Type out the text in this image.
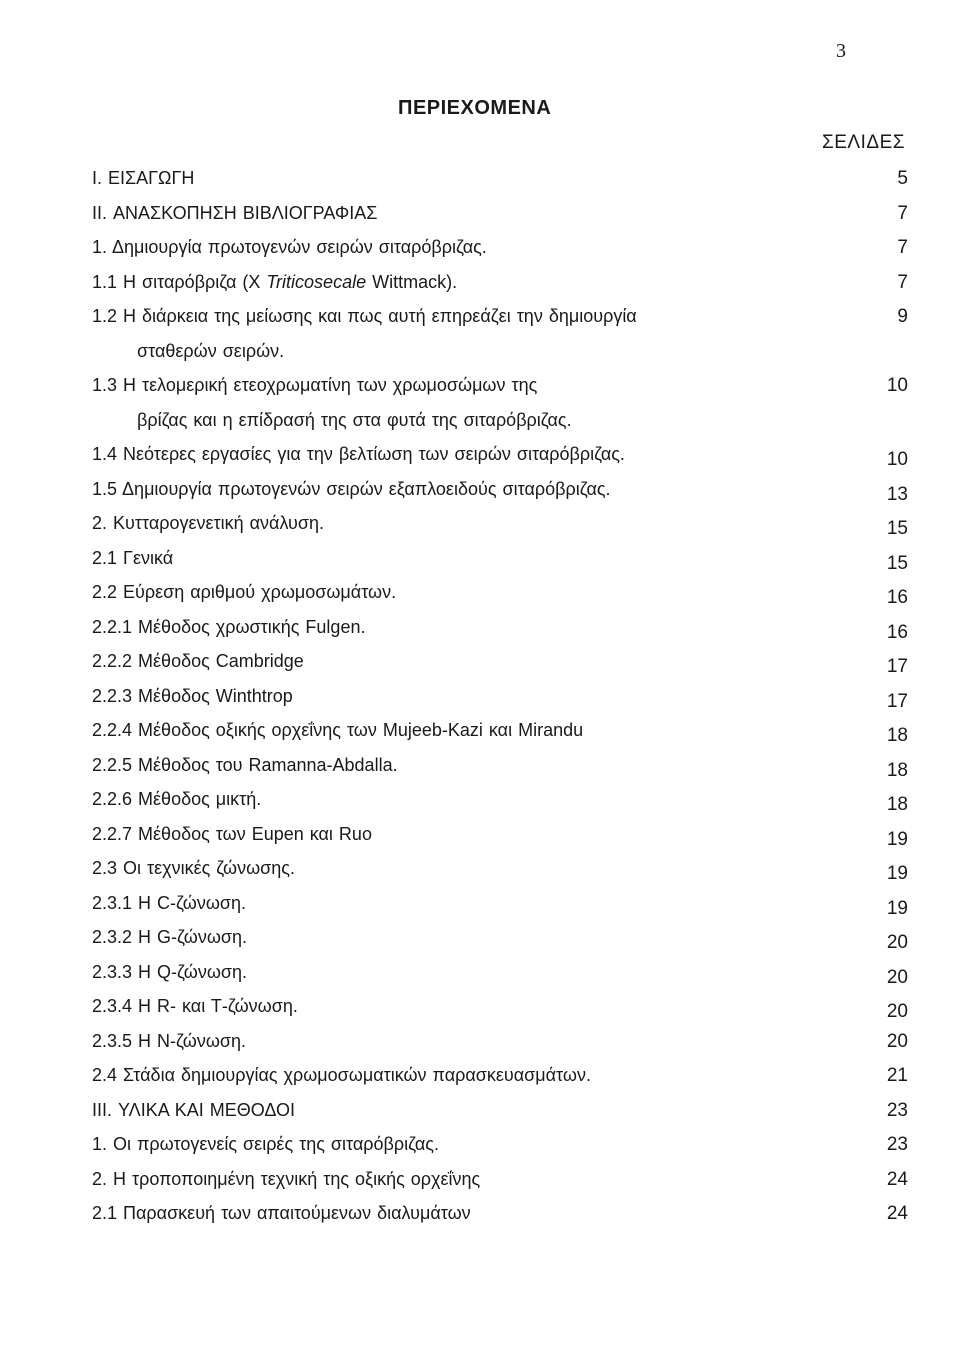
3
ΠΕΡΙΕΧΟΜΕΝΑ
ΣΕΛΙΔΕΣ
I. ΕΙΣΑΓΩΓΗ	5
II. ΑΝΑΣΚΟΠΗΣΗ ΒΙΒΛΙΟΓΡΑΦΙΑΣ	7
1. Δημιουργία πρωτογενών σειρών σιταρόβριζας.	7
1.1 Η σιταρόβριζα (X Triticosecale Wittmack).	7
1.2 Η διάρκεια της μείωσης και πως αυτή επηρεάζει την δημιουργία	9
σταθερών σειρών.
1.3 Η τελομερική ετεοχρωματίνη των χρωμοσώμων της	10
βρίζας και η επίδρασή της στα φυτά της σιταρόβριζας.
1.4 Νεότερες εργασίες για την βελτίωση των σειρών σιταρόβριζας.	10
1.5 Δημιουργία πρωτογενών σειρών εξαπλοειδούς σιταρόβριζας.	13
2. Κυτταρογενετική ανάλυση.	15
2.1 Γενικά	15
2.2 Εύρεση αριθμού χρωμοσωμάτων.	16
2.2.1 Μέθοδος χρωστικής Fulgen.	16
2.2.2 Μέθοδος Cambridge	17
2.2.3 Μέθοδος Winthtrop	17
2.2.4 Μέθοδος οξικής ορχεΐνης των Mujeeb-Kazi και Mirandu	18
2.2.5 Μέθοδος του Ramanna-Abdalla.	18
2.2.6 Μέθοδος μικτή.	18
2.2.7 Μέθοδος των Eupen και Ruo	19
2.3 Οι τεχνικές ζώνωσης.	19
2.3.1 Η C-ζώνωση.	19
2.3.2 Η G-ζώνωση.	20
2.3.3 Η Q-ζώνωση.	20
2.3.4 Η R- και Τ-ζώνωση.	20
2.3.5 Η Ν-ζώνωση.	20
2.4 Στάδια δημιουργίας χρωμοσωματικών παρασκευασμάτων.	21
III. ΥΛΙΚΑ ΚΑΙ ΜΕΘΟΔΟΙ	23
1. Οι πρωτογενείς σειρές της σιταρόβριζας.	23
2. Η τροποποιημένη τεχνική της οξικής ορχεΐνης	24
2.1 Παρασκευή των απαιτούμενων διαλυμάτων	24
